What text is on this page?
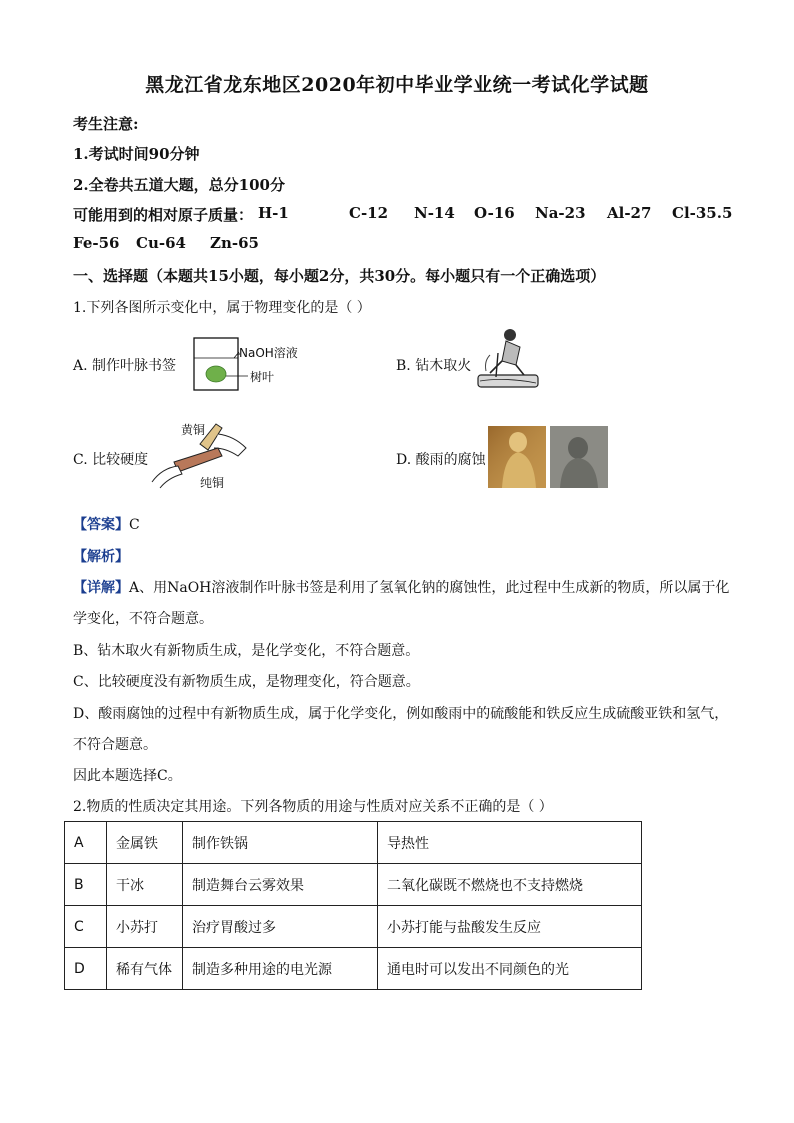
黑龙江省龙东地区2020年初中毕业学业统一考试化学试题
考生注意:
1.考试时间90分钟
2.全卷共五道大题，总分100分
可能用到的相对原子质量： H-1	C-12 N-14 O-16 Na-23 Al-27 Cl-35.5
Fe-56 Cu-64 Zn-65
一、选择题（本题共15小题，每小题2分，共30分。每小题只有一个正确选项）
1.下列各图所示变化中，属于物理变化的是（ ）
A. 制作叶脉书签
NaOH溶液
树叶
B. 钻木取火
C. 比较硬度
黄铜
纯铜
D. 酸雨的腐蚀
【答案】C
【解析】
【详解】A、用NaOH溶液制作叶脉书签是利用了氢氧化钠的腐蚀性，此过程中生成新的物质，所以属于化
学变化，不符合题意。
B、钻木取火有新物质生成，是化学变化，不符合题意。
C、比较硬度没有新物质生成，是物理变化，符合题意。
D、酸雨腐蚀的过程中有新物质生成，属于化学变化，例如酸雨中的硫酸能和铁反应生成硫酸亚铁和氢气，
不符合题意。
因此本题选择C。
2.物质的性质决定其用途。下列各物质的用途与性质对应关系不正确的是（ ）
A	金属铁	制作铁锅	导热性
B	干冰	制造舞台云雾效果	二氧化碳既不燃烧也不支持燃烧
C	小苏打	治疗胃酸过多	小苏打能与盐酸发生反应
D	稀有气体	制造多种用途的电光源	通电时可以发出不同颜色的光
